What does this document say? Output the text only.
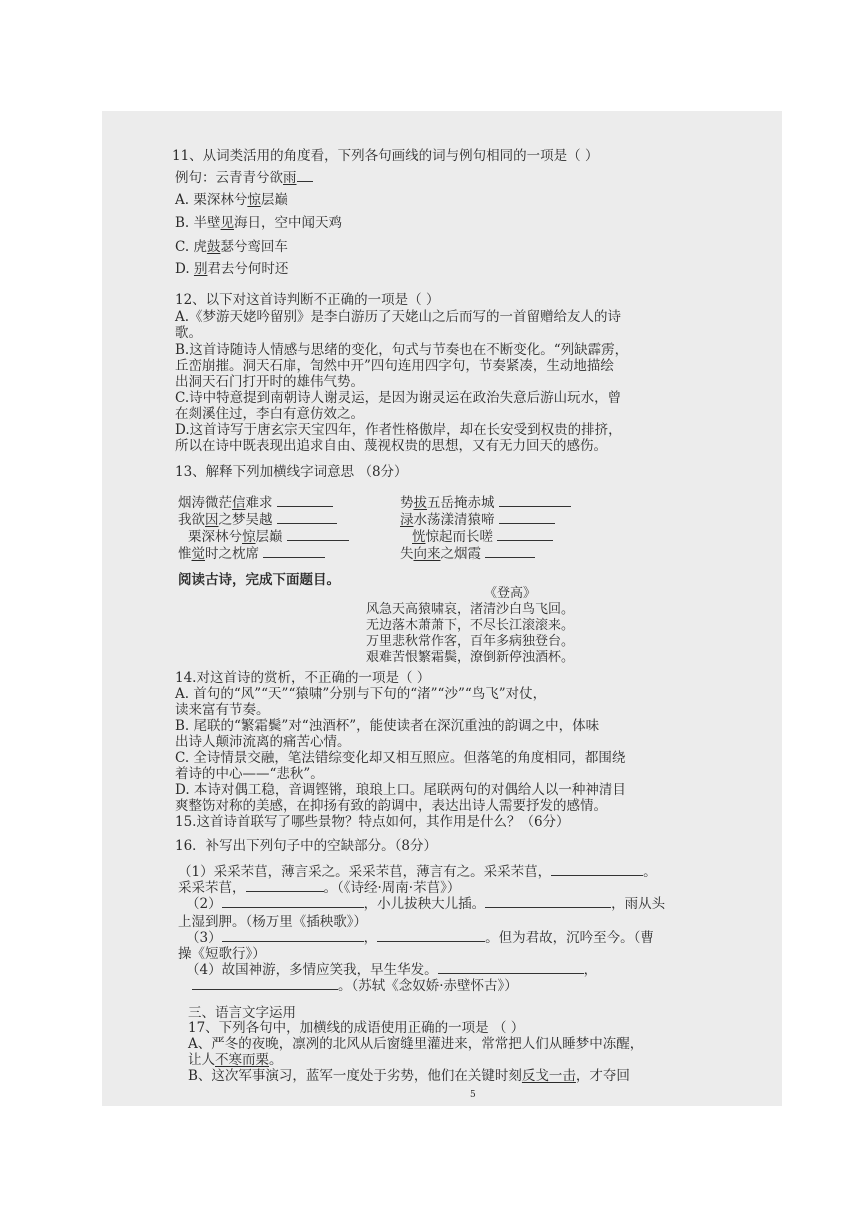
11、从词类活用的角度看，下列各句画线的词与例句相同的一项是（ ）
例句：云青青兮欲雨
A. 栗深林兮惊层巅
B. 半壁见海日，空中闻天鸡
C. 虎鼓瑟兮鸾回车
D. 别君去兮何时还
12、以下对这首诗判断不正确的一项是（ ）
A.《梦游天姥吟留别》是李白游历了天姥山之后而写的一首留赠给友人的诗
歌。
B.这首诗随诗人情感与思绪的变化，句式与节奏也在不断变化。“列缺霹雳，
丘峦崩摧。洞天石扉，訇然中开”四句连用四字句，节奏紧凑，生动地描绘
出洞天石门打开时的雄伟气势。
C.诗中特意提到南朝诗人谢灵运，是因为谢灵运在政治失意后游山玩水，曾
在剡溪住过，李白有意仿效之。
D.这首诗写于唐玄宗天宝四年，作者性格傲岸，却在长安受到权贵的排挤，
所以在诗中既表现出追求自由、蔑视权贵的思想，又有无力回天的感伤。
13、解释下列加横线字词意思 （8分）
烟涛微茫信难求	势拔五岳掩赤城
我欲因之梦吴越	渌水荡漾清猿啼
栗深林兮惊层巅	恍惊起而长嗟
惟觉时之枕席	失向来之烟霞
阅读古诗，完成下面题目。
《登高》
风急天高猿啸哀，渚清沙白鸟飞回。
无边落木萧萧下，不尽长江滚滚来。
万里悲秋常作客，百年多病独登台。
艰难苦恨繁霜鬓，潦倒新停浊酒杯。
14.对这首诗的赏析，不正确的一项是（ ）
A. 首句的“风”“天”“猿啸”分别与下句的“渚”“沙”“鸟飞”对仗，
读来富有节奏。
B. 尾联的“繁霜鬓”对“浊酒杯”，能使读者在深沉重浊的韵调之中，体味
出诗人颠沛流离的痛苦心情。
C. 全诗情景交融，笔法错综变化却又相互照应。但落笔的角度相同，都围绕
着诗的中心——“悲秋”。
D. 本诗对偶工稳，音调铿锵，琅琅上口。尾联两句的对偶给人以一种神清目
爽整饬对称的美感，在抑扬有致的韵调中，表达出诗人需要抒发的感情。
15.这首诗首联写了哪些景物？特点如何，其作用是什么？（6分）
16．补写出下列句子中的空缺部分。（8分）
（1）采采芣苢，薄言采之。采采芣苢，薄言有之。采采芣苢，	。
采采芣苢，	。（《诗经·周南·芣苢》）
（2）	，小儿拔秧大儿插。	，雨从头
上湿到胛。（杨万里《插秧歌》）
（3）	，	。但为君故，沉吟至今。（曹
操《短歌行》）
（4）故国神游，多情应笑我，早生华发。	，
。（苏轼《念奴娇·赤壁怀古》）
三、语言文字运用
17、下列各句中，加横线的成语使用正确的一项是 （ ）
A、严冬的夜晚，凛冽的北风从后窗缝里灌进来，常常把人们从睡梦中冻醒，
让人不寒而栗。
B、这次军事演习，蓝军一度处于劣势，他们在关键时刻反戈一击，才夺回
5
